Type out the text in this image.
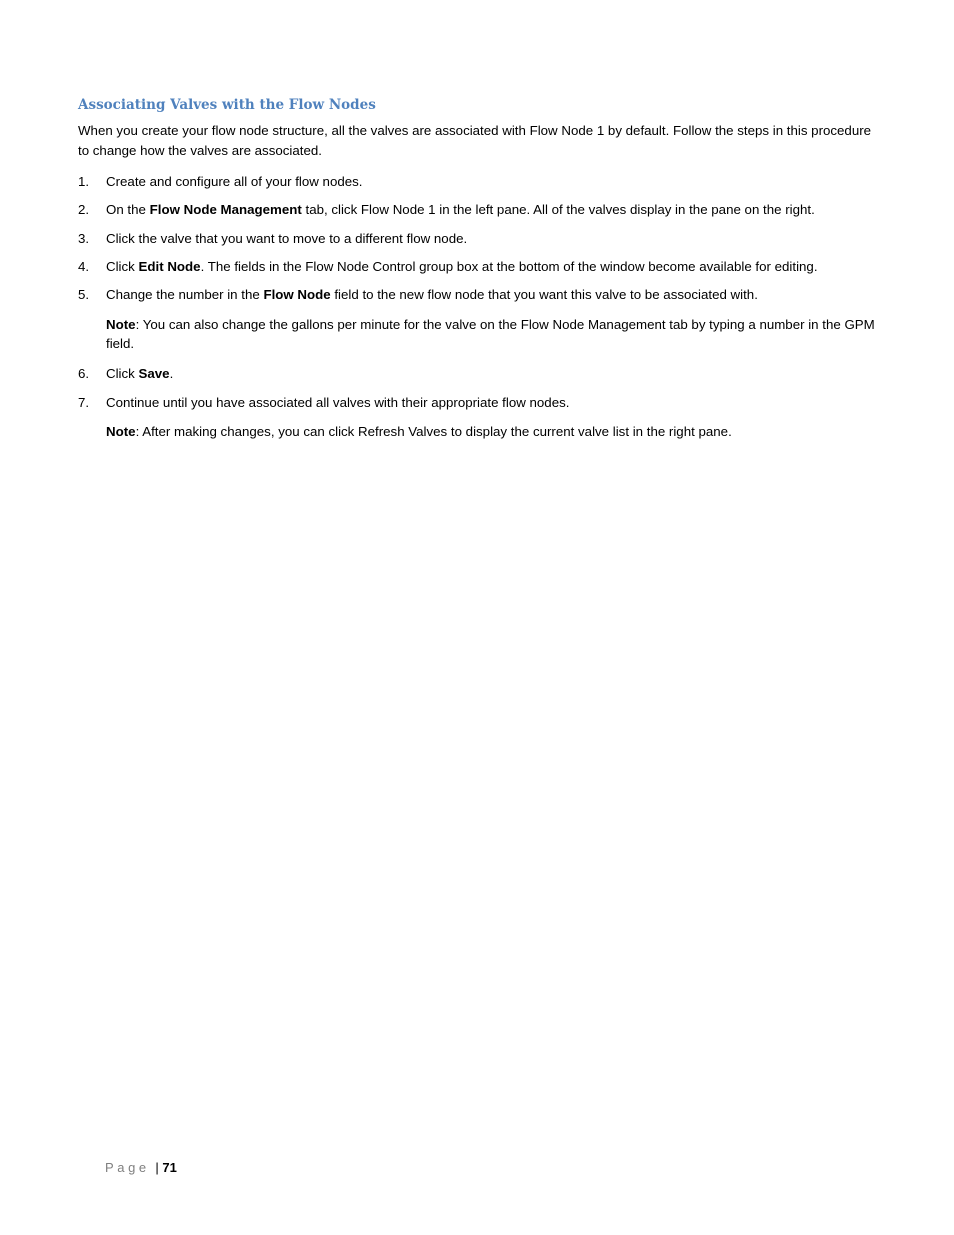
Associating Valves with the Flow Nodes
When you create your flow node structure, all the valves are associated with Flow Node 1 by default. Follow the steps in this procedure to change how the valves are associated.
1. Create and configure all of your flow nodes.
2. On the Flow Node Management tab, click Flow Node 1 in the left pane. All of the valves display in the pane on the right.
3. Click the valve that you want to move to a different flow node.
4. Click Edit Node. The fields in the Flow Node Control group box at the bottom of the window become available for editing.
5. Change the number in the Flow Node field to the new flow node that you want this valve to be associated with.
6. Click Save.
7. Continue until you have associated all valves with their appropriate flow nodes.
Note: You can also change the gallons per minute for the valve on the Flow Node Management tab by typing a number in the GPM field.
Note: After making changes, you can click Refresh Valves to display the current valve list in the right pane.
Page | 71
